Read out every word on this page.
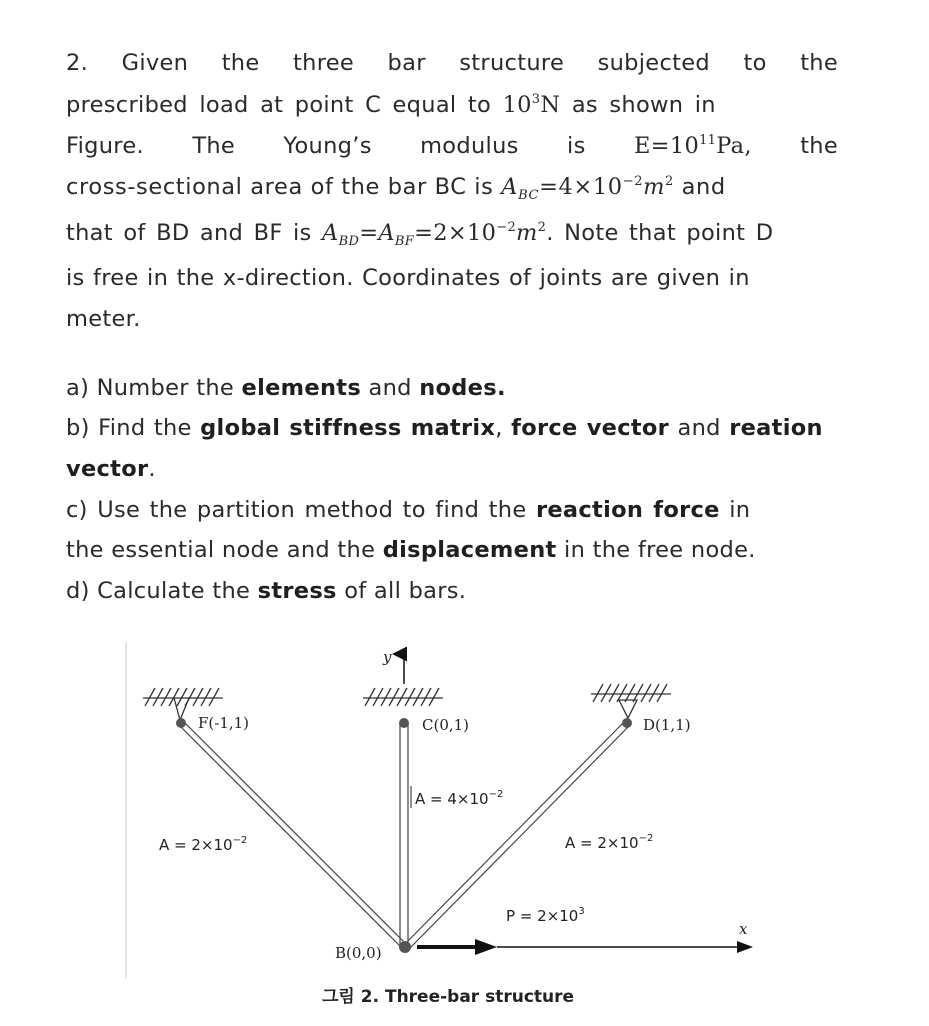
2. Given the three bar structure subjected to the
prescribed load at point C equal to $10^3N$ as shown in
Figure. The Young’s modulus is $E=10^{11}Pa$, the
cross-sectional area of the bar BC is $A_{BC}=4\times 10^{-2}m^2$ and
that of BD and BF is $A_{BD}=A_{BF}=2\times 10^{-2}m^2$. Note that point D
is free in the x-direction. Coordinates of joints are given in
meter.
a) Number the elements and nodes.
b) Find the global stiffness matrix, force vector and reation
vector.
c) Use the partition method to find the reaction force in
the essential node and the displacement in the free node.
d) Calculate the stress of all bars.
y
x
F(-1,1)	C(0,1)	D(1,1)
B(0,0)
$A = 4\times 10^{-2}$
$A = 2\times 10^{-2}$	$A = 2\times 10^{-2}$
$P = 2\times 10^3$
그림 2. Three-bar structure
